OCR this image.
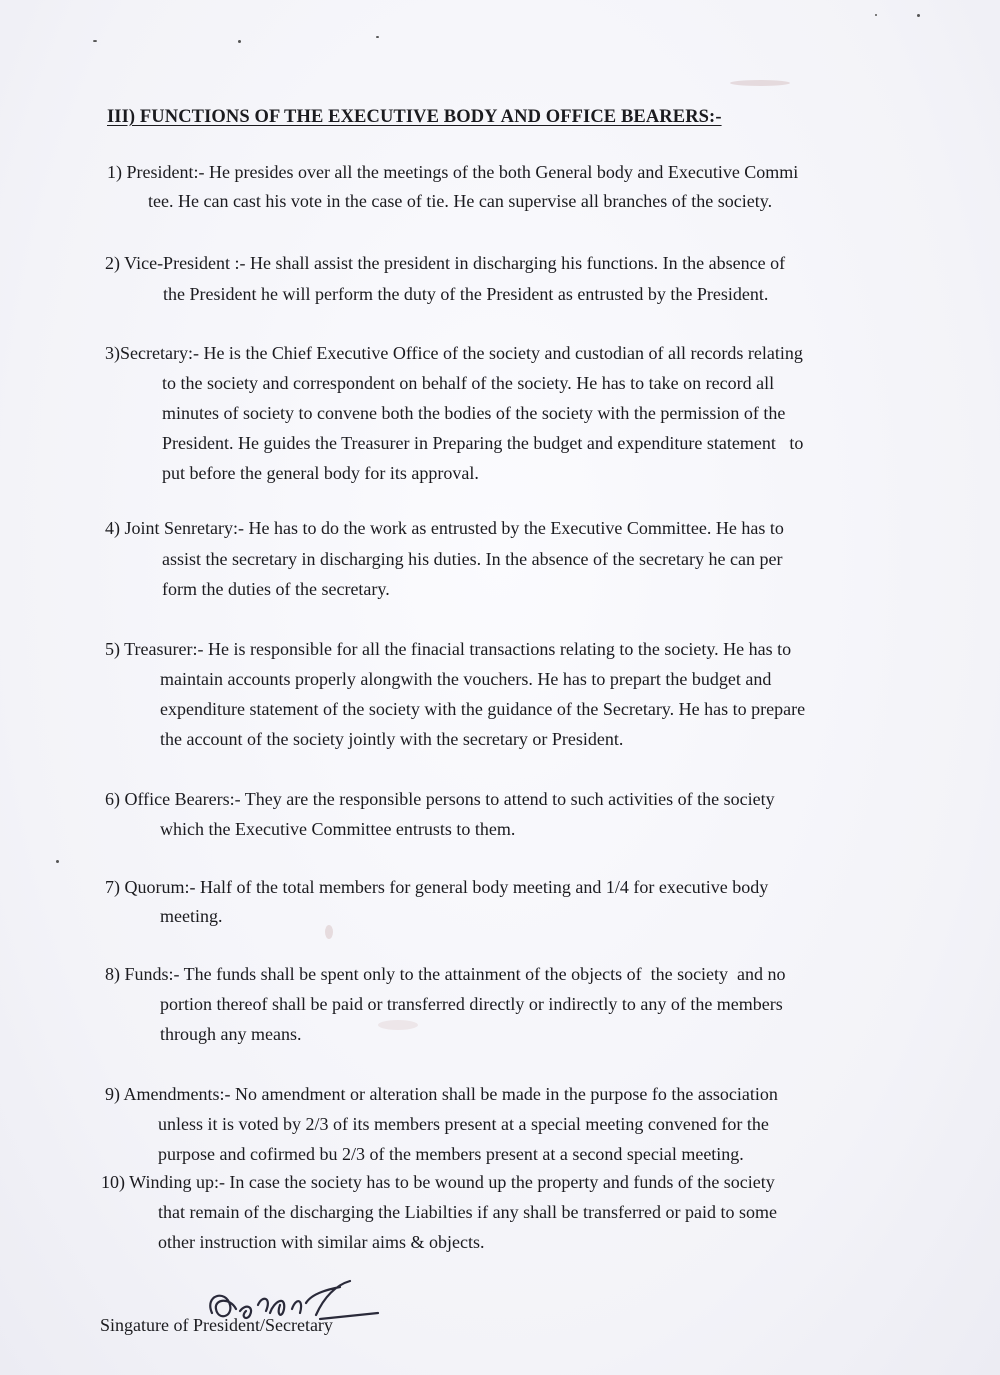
III) FUNCTIONS OF THE EXECUTIVE BODY AND OFFICE BEARERS:-
1) President:- He presides over all the meetings of the both General body and Executive Commi
tee. He can cast his vote in the case of tie. He can supervise all branches of the society.
2) Vice-President :- He shall assist the president in discharging his functions. In the absence of
the President he will perform the duty of the President as entrusted by the President.
3)Secretary:- He is the Chief Executive Office of the society and custodian of all records relating
to the society and correspondent on behalf of the society. He has to take on record all
minutes of society to convene both the bodies of the society with the permission of the
President. He guides the Treasurer in Preparing the budget and expenditure statement   to
put before the general body for its approval.
4) Joint Senretary:- He has to do the work as entrusted by the Executive Committee. He has to
assist the secretary in discharging his duties. In the absence of the secretary he can per
form the duties of the secretary.
5) Treasurer:- He is responsible for all the finacial transactions relating to the society. He has to
maintain accounts properly alongwith the vouchers. He has to prepart the budget and
expenditure statement of the society with the guidance of the Secretary. He has to prepare
the account of the society jointly with the secretary or President.
6) Office Bearers:- They are the responsible persons to attend to such activities of the society
which the Executive Committee entrusts to them.
7) Quorum:- Half of the total members for general body meeting and 1/4 for executive body
meeting.
8) Funds:- The funds shall be spent only to the attainment of the objects of  the society  and no
portion thereof shall be paid or transferred directly or indirectly to any of the members
through any means.
9) Amendments:- No amendment or alteration shall be made in the purpose fo the association
unless it is voted by 2/3 of its members present at a special meeting convened for the
purpose and cofirmed bu 2/3 of the members present at a second special meeting.
10) Winding up:- In case the society has to be wound up the property and funds of the society
that remain of the discharging the Liabilties if any shall be transferred or paid to some
other instruction with similar aims & objects.
Singature of President/Secretary
